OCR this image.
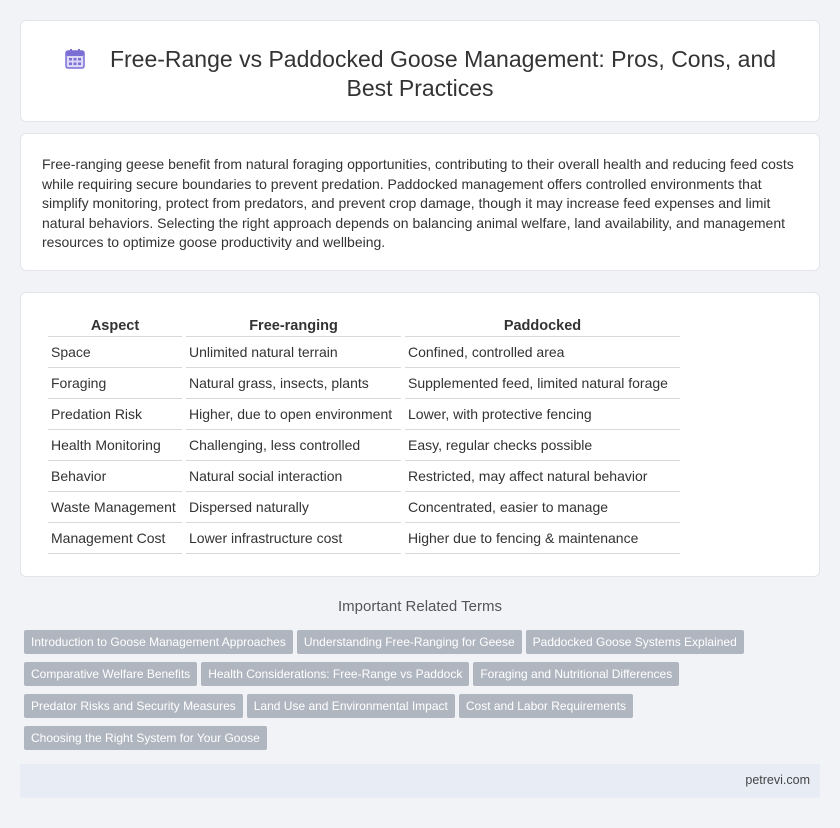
Free-Range vs Paddocked Goose Management: Pros, Cons, and Best Practices

Free-ranging geese benefit from natural foraging opportunities, contributing to their overall health and reducing feed costs while requiring secure boundaries to prevent predation. Paddocked management offers controlled environments that simplify monitoring, protect from predators, and prevent crop damage, though it may increase feed expenses and limit natural behaviors. Selecting the right approach depends on balancing animal welfare, land availability, and management resources to optimize goose productivity and wellbeing.

Aspect	Free-ranging	Paddocked
Space	Unlimited natural terrain	Confined, controlled area
Foraging	Natural grass, insects, plants	Supplemented feed, limited natural forage
Predation Risk	Higher, due to open environment	Lower, with protective fencing
Health Monitoring	Challenging, less controlled	Easy, regular checks possible
Behavior	Natural social interaction	Restricted, may affect natural behavior
Waste Management	Dispersed naturally	Concentrated, easier to manage
Management Cost	Lower infrastructure cost	Higher due to fencing & maintenance
Important Related Terms
Introduction to Goose Management Approaches Understanding Free-Ranging for Geese Paddocked Goose Systems Explained
Comparative Welfare Benefits Health Considerations: Free-Range vs Paddock Foraging and Nutritional Differences
Predator Risks and Security Measures Land Use and Environmental Impact Cost and Labor Requirements
Choosing the Right System for Your Goose
petrevi.com
